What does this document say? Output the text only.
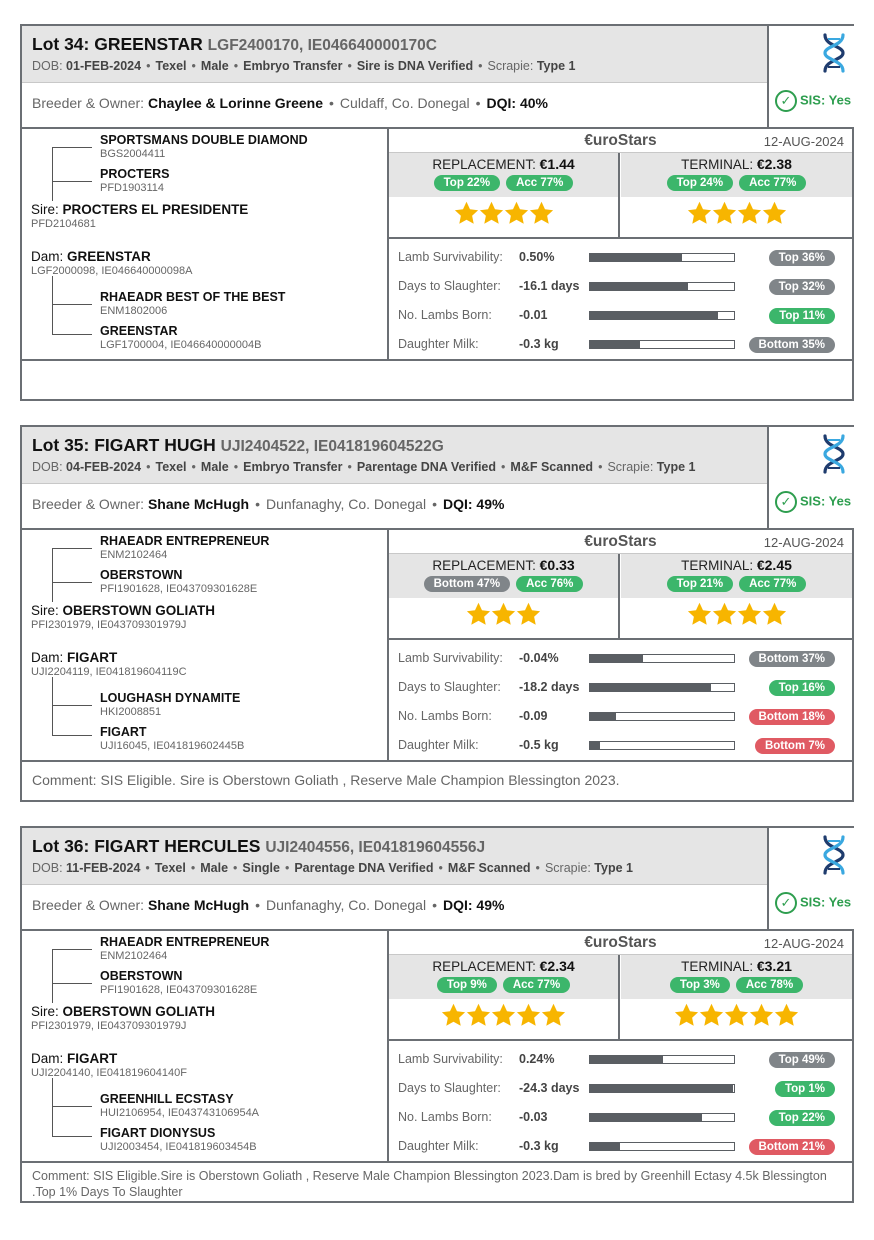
Lot 34: GREENSTAR LGF2400170, IE046640000170C
DOB: 01-FEB-2024 • Texel • Male • Embryo Transfer • Sire is DNA Verified • Scrapie: Type 1
Breeder & Owner: Chaylee & Lorinne Greene • Culdaff, Co. Donegal • DQI: 40%	✓ SIS: Yes
SPORTSMANS DOUBLE DIAMOND
BGS2004411
PROCTERS
PFD1903114
Sire: PROCTERS EL PRESIDENTE
PFD2104681
Dam: GREENSTAR
LGF2000098, IE046640000098A
RHAEADR BEST OF THE BEST
ENM1802006
GREENSTAR
LGF1700004, IE046640000004B
€uroStars	12-AUG-2024
REPLACEMENT: €1.44
Top 22% Acc 77%
TERMINAL: €2.38
Top 24% Acc 77%
Lamb Survivability: 0.50%	Top 36%
Days to Slaughter: -16.1 days	Top 32%
No. Lambs Born: -0.01	Top 11%
Daughter Milk:	-0.3 kg	Bottom 35%
Lot 35: FIGART HUGH UJI2404522, IE041819604522G
DOB: 04-FEB-2024 • Texel • Male • Embryo Transfer • Parentage DNA Verified • M&F Scanned • Scrapie: Type 1
Breeder & Owner: Shane McHugh • Dunfanaghy, Co. Donegal • DQI: 49%	✓ SIS: Yes
RHAEADR ENTREPRENEUR
ENM2102464
OBERSTOWN
PFI1901628, IE043709301628E
Sire: OBERSTOWN GOLIATH
PFI2301979, IE043709301979J
Dam: FIGART
UJI2204119, IE041819604119C
LOUGHASH DYNAMITE
HKI2008851
FIGART
UJI16045, IE041819602445B
€uroStars	12-AUG-2024
REPLACEMENT: €0.33
Bottom 47% Acc 76%
TERMINAL: €2.45
Top 21% Acc 77%
Lamb Survivability: -0.04%	Bottom 37%
Days to Slaughter: -18.2 days	Top 16%
No. Lambs Born: -0.09	Bottom 18%
Daughter Milk:	-0.5 kg	Bottom 7%
Comment: SIS Eligible. Sire is Oberstown Goliath , Reserve Male Champion Blessington 2023.
Lot 36: FIGART HERCULES UJI2404556, IE041819604556J
DOB: 11-FEB-2024 • Texel • Male • Single • Parentage DNA Verified • M&F Scanned • Scrapie: Type 1
Breeder & Owner: Shane McHugh • Dunfanaghy, Co. Donegal • DQI: 49%	✓ SIS: Yes
RHAEADR ENTREPRENEUR
ENM2102464
OBERSTOWN
PFI1901628, IE043709301628E
Sire: OBERSTOWN GOLIATH
PFI2301979, IE043709301979J
Dam: FIGART
UJI2204140, IE041819604140F
GREENHILL ECSTASY
HUI2106954, IE043743106954A
FIGART DIONYSUS
UJI2003454, IE041819603454B
€uroStars	12-AUG-2024
REPLACEMENT: €2.34
Top 9% Acc 77%
TERMINAL: €3.21
Top 3% Acc 78%
Lamb Survivability: 0.24%	Top 49%
Days to Slaughter: -24.3 days	Top 1%
No. Lambs Born: -0.03	Top 22%
Daughter Milk:	-0.3 kg	Bottom 21%
Comment: SIS Eligible.Sire is Oberstown Goliath , Reserve Male Champion Blessington 2023.Dam is bred by Greenhill Ectasy 4.5k Blessington .Top 1% Days To Slaughter
